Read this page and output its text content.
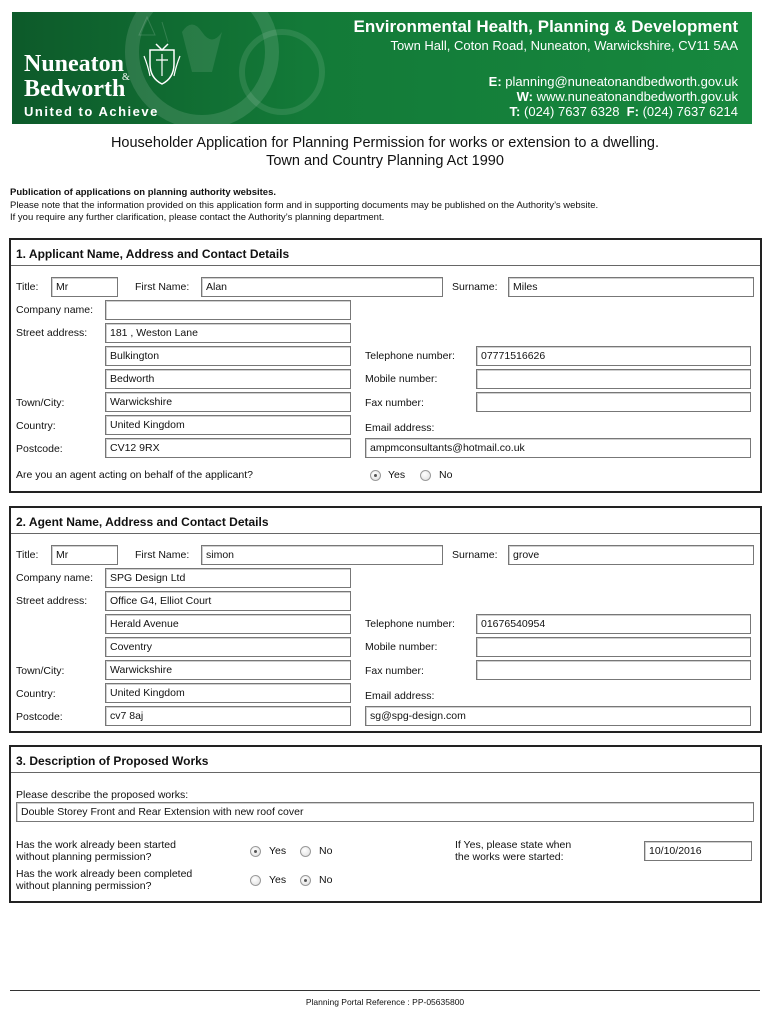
Nuneaton
Bedworth
&
United to Achieve
Environmental Health, Planning & Development
Town Hall, Coton Road, Nuneaton, Warwickshire, CV11 5AA
E: planning@nuneatonandbedworth.gov.uk
W: www.nuneatonandbedworth.gov.uk
T: (024) 7637 6328 F: (024) 7637 6214
Householder Application for Planning Permission for works or extension to a dwelling.
Town and Country Planning Act 1990
Publication of applications on planning authority websites.
Please note that the information provided on this application form and in supporting documents may be published on the Authority’s website.
If you require any further clarification, please contact the Authority’s planning department.
1. Applicant Name, Address and Contact Details
Title:	Mr	First Name:	Alan	Surname:	Miles
Company name:
Street address:	181 , Weston Lane
Bulkington
Bedworth
Town/City:	Warwickshire
Country:	United Kingdom
Postcode:	CV12 9RX
Telephone number:	07771516626
Mobile number:
Fax number:
Email address:
ampmconsultants@hotmail.co.uk
Are you an agent acting on behalf of the applicant?	Yes	No
2. Agent Name, Address and Contact Details
Title:	Mr	First Name:	simon	Surname:	grove
Company name:	SPG Design Ltd
Street address:	Office G4, Elliot Court
Herald Avenue
Coventry
Town/City:	Warwickshire
Country:	United Kingdom
Postcode:	cv7 8aj
Telephone number:	01676540954
Mobile number:
Fax number:
Email address:
sg@spg-design.com
3. Description of Proposed Works
Please describe the proposed works:
Double Storey Front and Rear Extension with new roof cover
Has the work already been started
without planning permission?	Yes	No	If Yes, please state when
the works were started:	10/10/2016
Has the work already been completed
without planning permission?	Yes	No
Planning Portal Reference : PP-05635800
